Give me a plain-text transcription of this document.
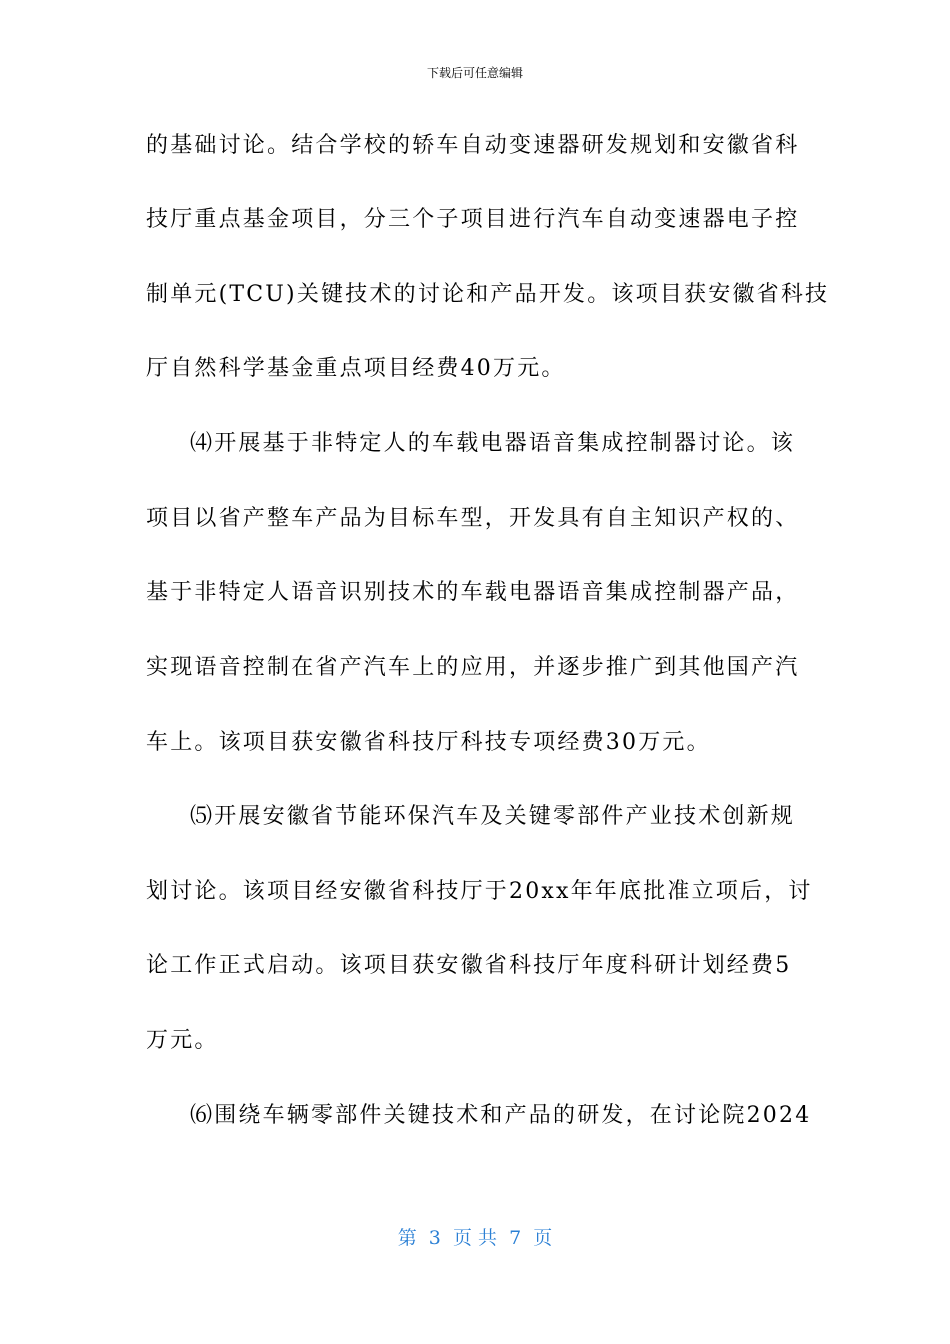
下载后可任意编辑
的基础讨论。结合学校的轿车自动变速器研发规划和安徽省科
技厅重点基金项目，分三个子项目进行汽车自动变速器电子控
制单元(TCU)关键技术的讨论和产品开发。该项目获安徽省科技
厅自然科学基金重点项目经费40万元。
⑷开展基于非特定人的车载电器语音集成控制器讨论。该
项目以省产整车产品为目标车型，开发具有自主知识产权的、
基于非特定人语音识别技术的车载电器语音集成控制器产品，
实现语音控制在省产汽车上的应用，并逐步推广到其他国产汽
车上。该项目获安徽省科技厅科技专项经费30万元。
⑸开展安徽省节能环保汽车及关键零部件产业技术创新规
划讨论。该项目经安徽省科技厅于20xx年年底批准立项后，讨
论工作正式启动。该项目获安徽省科技厅年度科研计划经费5
万元。
⑹围绕车辆零部件关键技术和产品的研发，在讨论院2024
第  3  页 共  7  页
